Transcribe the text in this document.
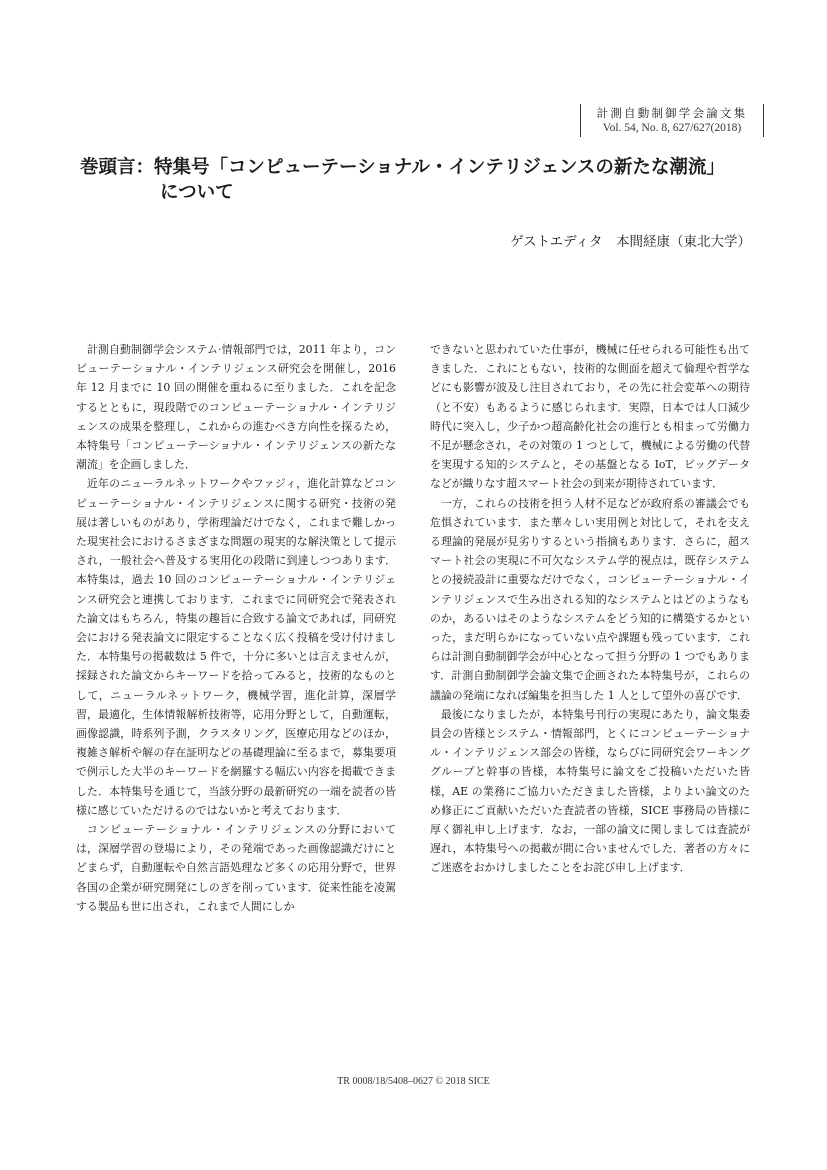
計測自動制御学会論文集
Vol. 54, No. 8, 627/627(2018)
巻頭言：特集号「コンピューテーショナル・インテリジェンスの新たな潮流」
について
ゲストエディタ　本間経康（東北大学）

計測自動制御学会システム·情報部門では，2011 年より，コンピューテーショナル・インテリジェンス研究会を開催し，2016 年 12 月までに 10 回の開催を重ねるに至りました．これを記念するとともに，現段階でのコンピューテーショナル・インテリジェンスの成果を整理し，これからの進むべき方向性を探るため，本特集号「コンピューテーショナル・インテリジェンスの新たな潮流」を企画しました．

近年のニューラルネットワークやファジィ，進化計算などコンピューテーショナル・インテリジェンスに関する研究・技術の発展は著しいものがあり，学術理論だけでなく，これまで難しかった現実社会におけるさまざまな問題の現実的な解決策として提示され，一般社会へ普及する実用化の段階に到達しつつあります．本特集は，過去 10 回のコンピューテーショナル・インテリジェンス研究会と連携しております．これまでに同研究会で発表された論文はもちろん，特集の趣旨に合致する論文であれば，同研究会における発表論文に限定することなく広く投稿を受け付けました．本特集号の掲載数は 5 件で，十分に多いとは言えませんが，採録された論文からキーワードを拾ってみると，技術的なものとして，ニューラルネットワーク，機械学習，進化計算，深層学習，最適化，生体情報解析技術等，応用分野として，自動運転，画像認識，時系列予測，クラスタリング，医療応用などのほか，複雑さ解析や解の存在証明などの基礎理論に至るまで，募集要項で例示した大半のキーワードを網羅する幅広い内容を掲載できました．本特集号を通じて，当該分野の最新研究の一端を読者の皆様に感じていただけるのではないかと考えております．

コンピューテーショナル・インテリジェンスの分野においては，深層学習の登場により，その発端であった画像認識だけにとどまらず，自動運転や自然言語処理など多くの応用分野で，世界各国の企業が研究開発にしのぎを削っています．従来性能を凌駕する製品も世に出され，これまで人間にしか

できないと思われていた仕事が，機械に任せられる可能性も出てきました．これにともない，技術的な側面を超えて倫理や哲学などにも影響が波及し注目されており，その先に社会変革への期待（と不安）もあるように感じられます．実際，日本では人口減少時代に突入し，少子かつ超高齢化社会の進行とも相まって労働力不足が懸念され，その対策の 1 つとして，機械による労働の代替を実現する知的システムと，その基盤となる IoT，ビッグデータなどが織りなす超スマート社会の到来が期待されています．

一方，これらの技術を担う人材不足などが政府系の審議会でも危惧されています．また華々しい実用例と対比して，それを支える理論的発展が見劣りするという指摘もあります．さらに，超スマート社会の実現に不可欠なシステム学的視点は，既存システムとの接続設計に重要なだけでなく，コンピューテーショナル・インテリジェンスで生み出される知的なシステムとはどのようなものか，あるいはそのようなシステムをどう知的に構築するかといった，まだ明らかになっていない点や課題も残っています．これらは計測自動制御学会が中心となって担う分野の 1 つでもあります．計測自動制御学会論文集で企画された本特集号が，これらの議論の発端になれば編集を担当した 1 人として望外の喜びです．

最後になりましたが，本特集号刊行の実現にあたり，論文集委員会の皆様とシステム・情報部門，とくにコンピューテーショナル・インテリジェンス部会の皆様，ならびに同研究会ワーキンググループと幹事の皆様，本特集号に論文をご投稿いただいた皆様，AE の業務にご協力いただきました皆様，よりよい論文のため修正にご貢献いただいた査読者の皆様，SICE 事務局の皆様に厚く御礼申し上げます．なお，一部の論文に関しましては査読が遅れ，本特集号への掲載が間に合いませんでした．著者の方々にご迷惑をおかけしましたことをお詫び申し上げます．

TR 0008/18/5408–0627 © 2018 SICE
